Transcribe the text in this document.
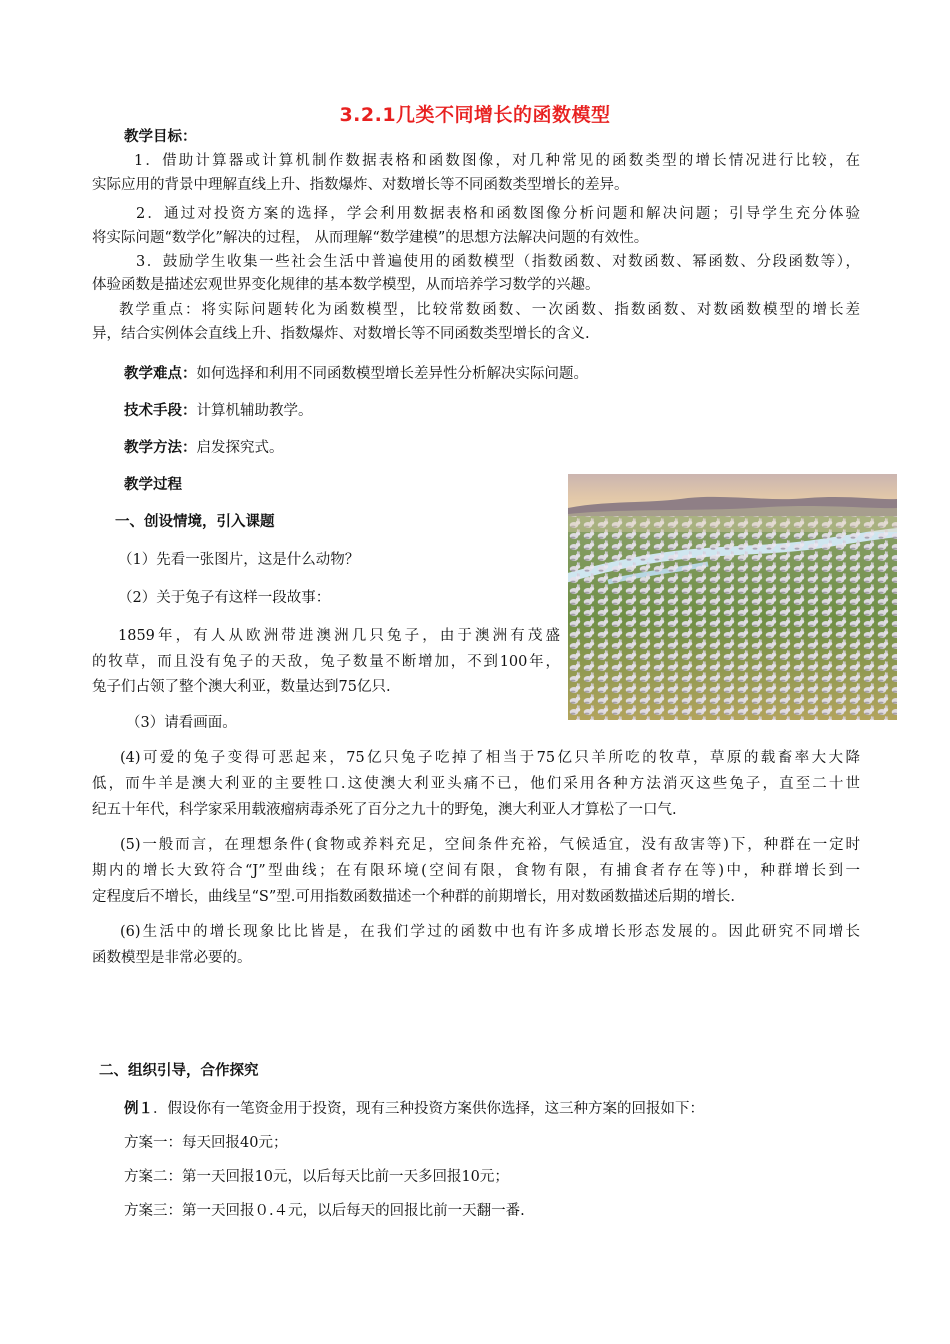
3.2.1几类不同增长的函数模型
教学目标：
1．借助计算器或计算机制作数据表格和函数图像，对几种常见的函数类型的增长情况进行比较，在
实际应用的背景中理解直线上升、指数爆炸、对数增长等不同函数类型增长的差异。
2．通过对投资方案的选择，学会利用数据表格和函数图像分析问题和解决问题；引导学生充分体验
将实际问题“数学化”解决的过程， 从而理解“数学建模”的思想方法解决问题的有效性。
3．鼓励学生收集一些社会生活中普遍使用的函数模型（指数函数、对数函数、幂函数、分段函数等），
体验函数是描述宏观世界变化规律的基本数学模型，从而培养学习数学的兴趣。
教学重点：将实际问题转化为函数模型，比较常数函数、一次函数、指数函数、对数函数模型的增长差
异，结合实例体会直线上升、指数爆炸、对数增长等不同函数类型增长的含义.
教学难点：如何选择和利用不同函数模型增长差异性分析解决实际问题。
技术手段：计算机辅助教学。
教学方法：启发探究式。
教学过程
一、创设情境，引入课题
（1）先看一张图片，这是什么动物？
（2）关于兔子有这样一段故事：
1859年，有人从欧洲带进澳洲几只兔子，由于澳洲有茂盛
的牧草，而且没有兔子的天敌，兔子数量不断增加，不到100年，
兔子们占领了整个澳大利亚，数量达到75亿只.
（3）请看画面。
(4)可爱的兔子变得可恶起来，75亿只兔子吃掉了相当于75亿只羊所吃的牧草，草原的载畜率大大降
低，而牛羊是澳大利亚的主要牲口.这使澳大利亚头痛不已，他们采用各种方法消灭这些兔子，直至二十世
纪五十年代，科学家采用载液瘤病毒杀死了百分之九十的野兔，澳大利亚人才算松了一口气.
(5)一般而言，在理想条件(食物或养料充足，空间条件充裕，气候适宜，没有敌害等)下，种群在一定时
期内的增长大致符合“J”型曲线；在有限环境(空间有限，食物有限，有捕食者存在等)中，种群增长到一
定程度后不增长，曲线呈“S”型.可用指数函数描述一个种群的前期增长，用对数函数描述后期的增长.
(6)生活中的增长现象比比皆是，在我们学过的函数中也有许多成增长形态发展的。因此研究不同增长
函数模型是非常必要的。
二、组织引导，合作探究
例１．假设你有一笔资金用于投资，现有三种投资方案供你选择，这三种方案的回报如下：
方案一：每天回报40元；
方案二：第一天回报10元，以后每天比前一天多回报10元；
方案三：第一天回报０.４元，以后每天的回报比前一天翻一番.
